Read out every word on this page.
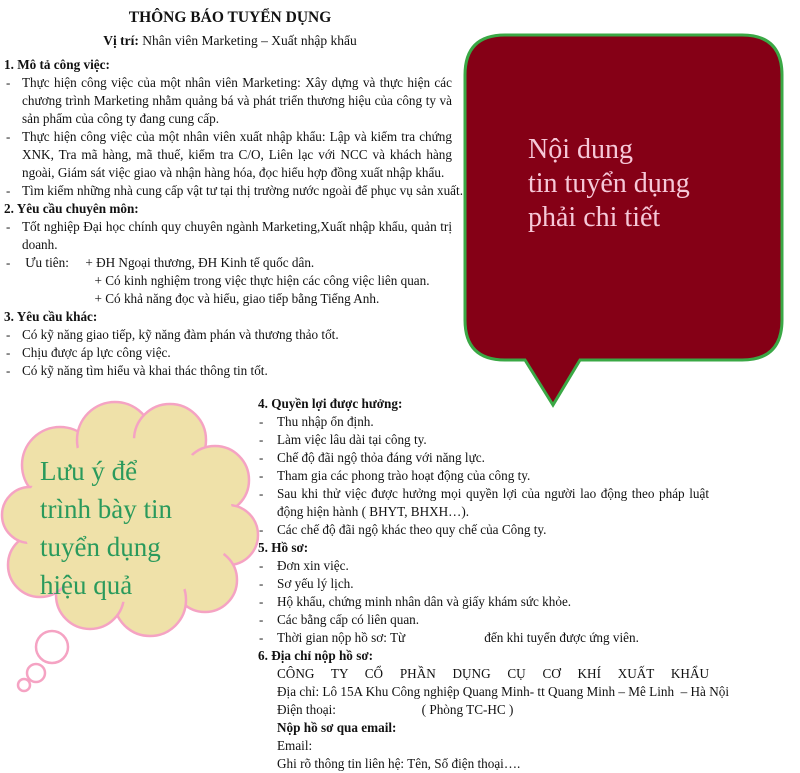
THÔNG BÁO TUYỂN DỤNG
Vị trí: Nhân viên Marketing – Xuất nhập khẩu
1. Mô tả công việc:
- Thực hiện công việc của một nhân viên Marketing: Xây dựng và thực hiện các
chương trình Marketing nhằm quảng bá và phát triển thương hiệu của công ty và
sản phẩm của công ty đang cung cấp.
- Thực hiện công việc của một nhân viên xuất nhập khẩu: Lập và kiểm tra chứng
XNK, Tra mã hàng, mã thuế, kiểm tra C/O, Liên lạc với NCC và khách hàng
ngoài, Giám sát việc giao và nhận hàng hóa, đọc hiểu hợp đồng xuất nhập khẩu.
- Tìm kiếm những nhà cung cấp vật tư tại thị trường nước ngoài để phục vụ sản xuất.
2. Yêu cầu chuyên môn:
- Tốt nghiệp Đại học chính quy chuyên ngành Marketing,Xuất nhập khẩu, quản trị
doanh.
- Ưu tiên:     + ĐH Ngoại thương, ĐH Kinh tế quốc dân.
+ Có kinh nghiệm trong việc thực hiện các công việc liên quan.
+ Có khả năng đọc và hiểu, giao tiếp bằng Tiếng Anh.
3. Yêu cầu khác:
- Có kỹ năng giao tiếp, kỹ năng đàm phán và thương thảo tốt.
- Chịu được áp lực công việc.
- Có kỹ năng tìm hiểu và khai thác thông tin tốt.
4. Quyền lợi được hưởng:
- Thu nhập ổn định.
- Làm việc lâu dài tại công ty.
- Chế độ đãi ngộ thỏa đáng với năng lực.
- Tham gia các phong trào hoạt động của công ty.
- Sau khi thử việc được hưởng mọi quyền lợi của người lao động theo pháp luật
động hiện hành ( BHYT, BHXH…).
- Các chế độ đãi ngộ khác theo quy chế của Công ty.
5. Hồ sơ:
- Đơn xin việc.
- Sơ yếu lý lịch.
- Hộ khẩu, chứng minh nhân dân và giấy khám sức khỏe.
- Các bằng cấp có liên quan.
- Thời gian nộp hồ sơ: Từ                        đến khi tuyển được ứng viên.
6. Địa chỉ nộp hồ sơ:
CÔNG TY CỔ PHẦN DỤNG CỤ CƠ KHÍ XUẤT KHẨU
Địa chỉ: Lô 15A Khu Công nghiệp Quang Minh- tt Quang Minh – Mê Linh  – Hà Nội
Điện thoại:                          ( Phòng TC-HC )
Nộp hồ sơ qua email:
Email:
Ghi rõ thông tin liên hệ: Tên, Số điện thoại….
Nội dung
tin tuyển dụng
phải chi tiết
Lưu ý để
trình bày tin
tuyển dụng
hiệu quả
